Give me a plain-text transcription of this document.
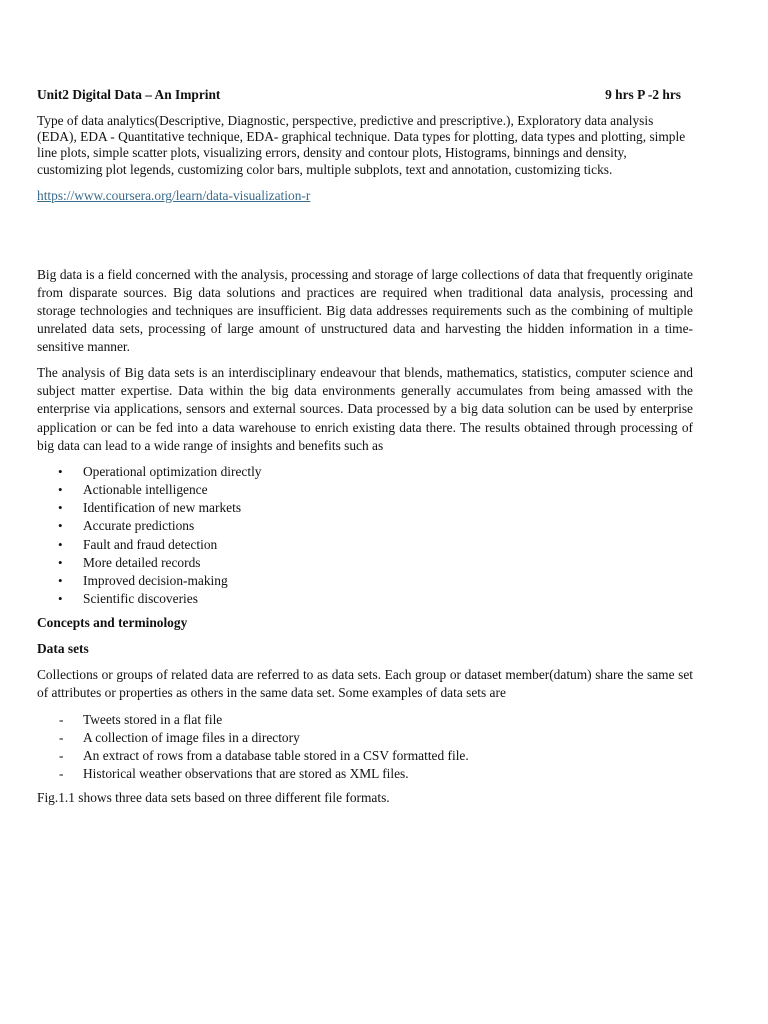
Unit2 Digital Data – An Imprint	9 hrs P -2 hrs

Type of data analytics(Descriptive, Diagnostic, perspective, predictive and prescriptive.), Exploratory data analysis (EDA), EDA - Quantitative technique, EDA- graphical technique. Data types for plotting, data types and plotting, simple line plots, simple scatter plots, visualizing errors, density and contour plots, Histograms, binnings and density, customizing plot legends, customizing color bars, multiple subplots, text and annotation, customizing ticks.

https://www.coursera.org/learn/data-visualization-r

Big data is a field concerned with the analysis, processing and storage of large collections of data that frequently originate from disparate sources. Big data solutions and practices are required when traditional data analysis, processing and storage technologies and techniques are insufficient. Big data addresses requirements such as the combining of multiple unrelated data sets, processing of large amount of unstructured data and harvesting the hidden information in a time-sensitive manner.

The analysis of Big data sets is an interdisciplinary endeavour that blends, mathematics, statistics, computer science and subject matter expertise. Data within the big data environments generally accumulates from being amassed with the enterprise via applications, sensors and external sources. Data processed by a big data solution can be used by enterprise application or can be fed into a data warehouse to enrich existing data there. The results obtained through processing of big data can lead to a wide range of insights and benefits such as

• Operational optimization directly
• Actionable intelligence
• Identification of new markets
• Accurate predictions
• Fault and fraud detection
• More detailed records
• Improved decision-making
• Scientific discoveries
Concepts and terminology
Data sets

Collections or groups of related data are referred to as data sets. Each group or dataset member(datum) share the same set of attributes or properties as others in the same data set. Some examples of data sets are

- Tweets stored in a flat file
- A collection of image files in a directory
- An extract of rows from a database table stored in a CSV formatted file.
- Historical weather observations that are stored as XML files.

Fig.1.1 shows three data sets based on three different file formats.
